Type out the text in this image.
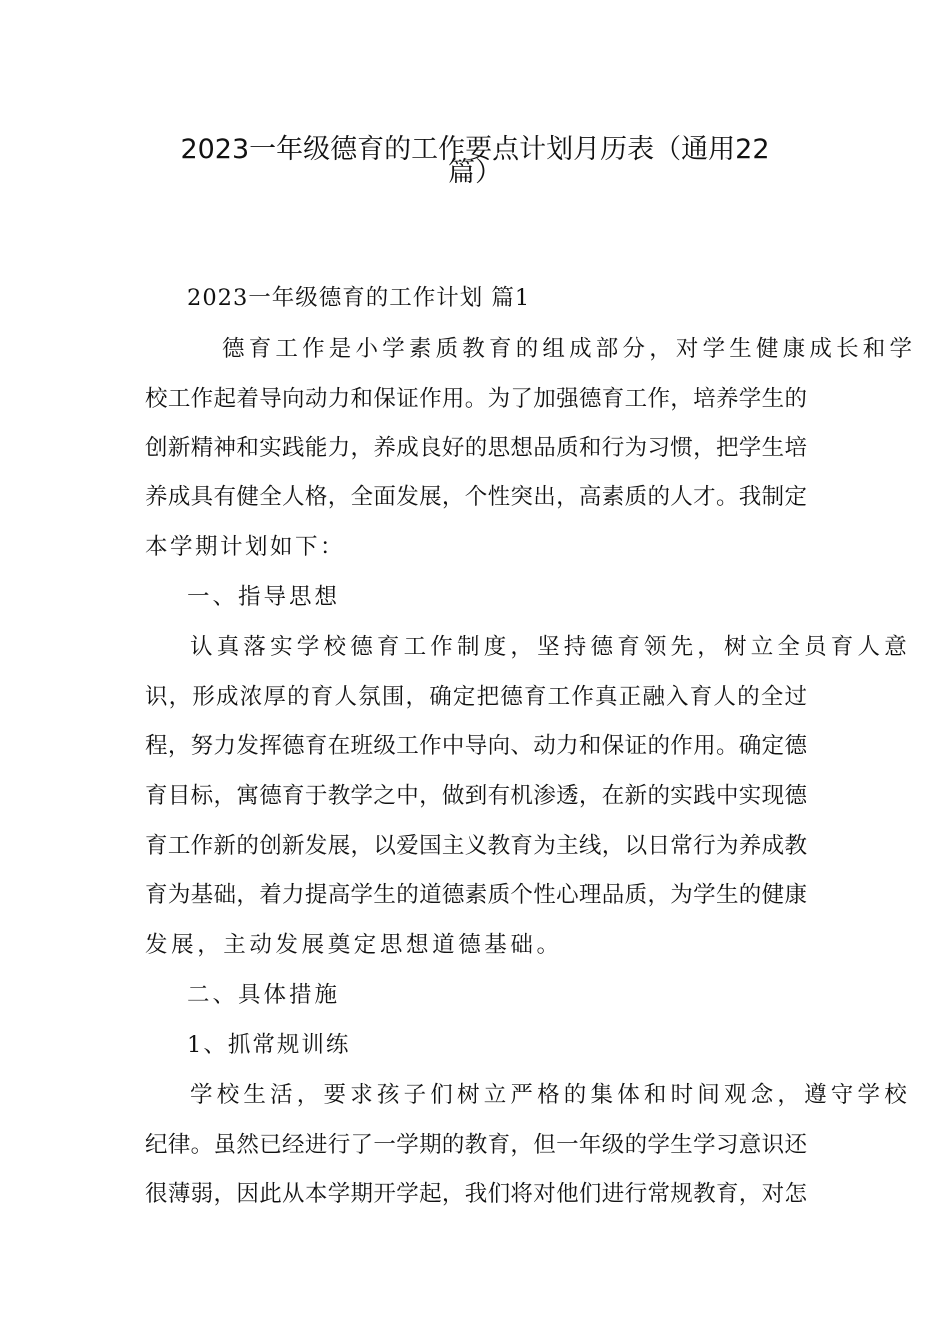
2023一年级德育的工作要点计划月历表（通用22
篇）
2023一年级德育的工作计划 篇1
德育工作是小学素质教育的组成部分，对学生健康成长和学
校工作起着导向动力和保证作用。为了加强德育工作，培养学生的
创新精神和实践能力，养成良好的思想品质和行为习惯，把学生培
养成具有健全人格，全面发展，个性突出，高素质的人才。我制定
本学期计划如下：
一、指导思想
认真落实学校德育工作制度，坚持德育领先，树立全员育人意
识，形成浓厚的育人氛围，确定把德育工作真正融入育人的全过
程，努力发挥德育在班级工作中导向、动力和保证的作用。确定德
育目标，寓德育于教学之中，做到有机渗透，在新的实践中实现德
育工作新的创新发展，以爱国主义教育为主线，以日常行为养成教
育为基础，着力提高学生的道德素质个性心理品质，为学生的健康
发展，主动发展奠定思想道德基础。
二、具体措施
1、抓常规训练
学校生活，要求孩子们树立严格的集体和时间观念，遵守学校
纪律。虽然已经进行了一学期的教育，但一年级的学生学习意识还
很薄弱，因此从本学期开学起，我们将对他们进行常规教育，对怎
